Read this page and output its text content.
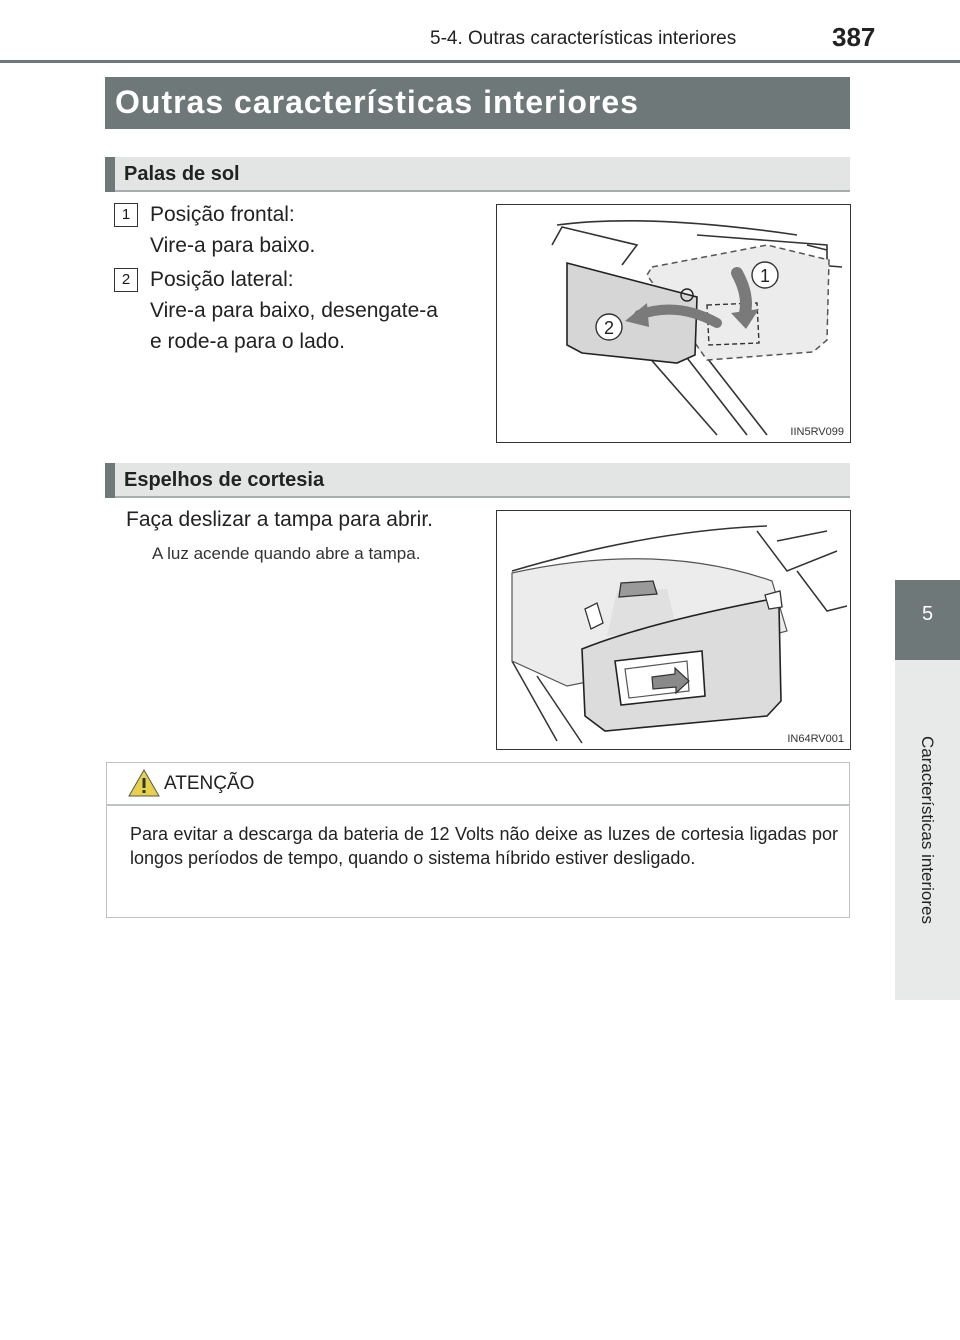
5-4. Outras características interiores	387
5
Características interiores
Outras características interiores
Palas de sol
1 Posição frontal:
Vire-a para baixo.
2 Posição lateral:
Vire-a para baixo, desengate-a
e rode-a para o lado.
1
2
IIN5RV099
Espelhos de cortesia
Faça deslizar a tampa para abrir.
A luz acende quando abre a tampa.
IN64RV001
ATENÇÃO
Para evitar a descarga da bateria de 12 Volts não deixe as luzes de cortesia ligadas por longos períodos de tempo, quando o sistema híbrido estiver desligado.
